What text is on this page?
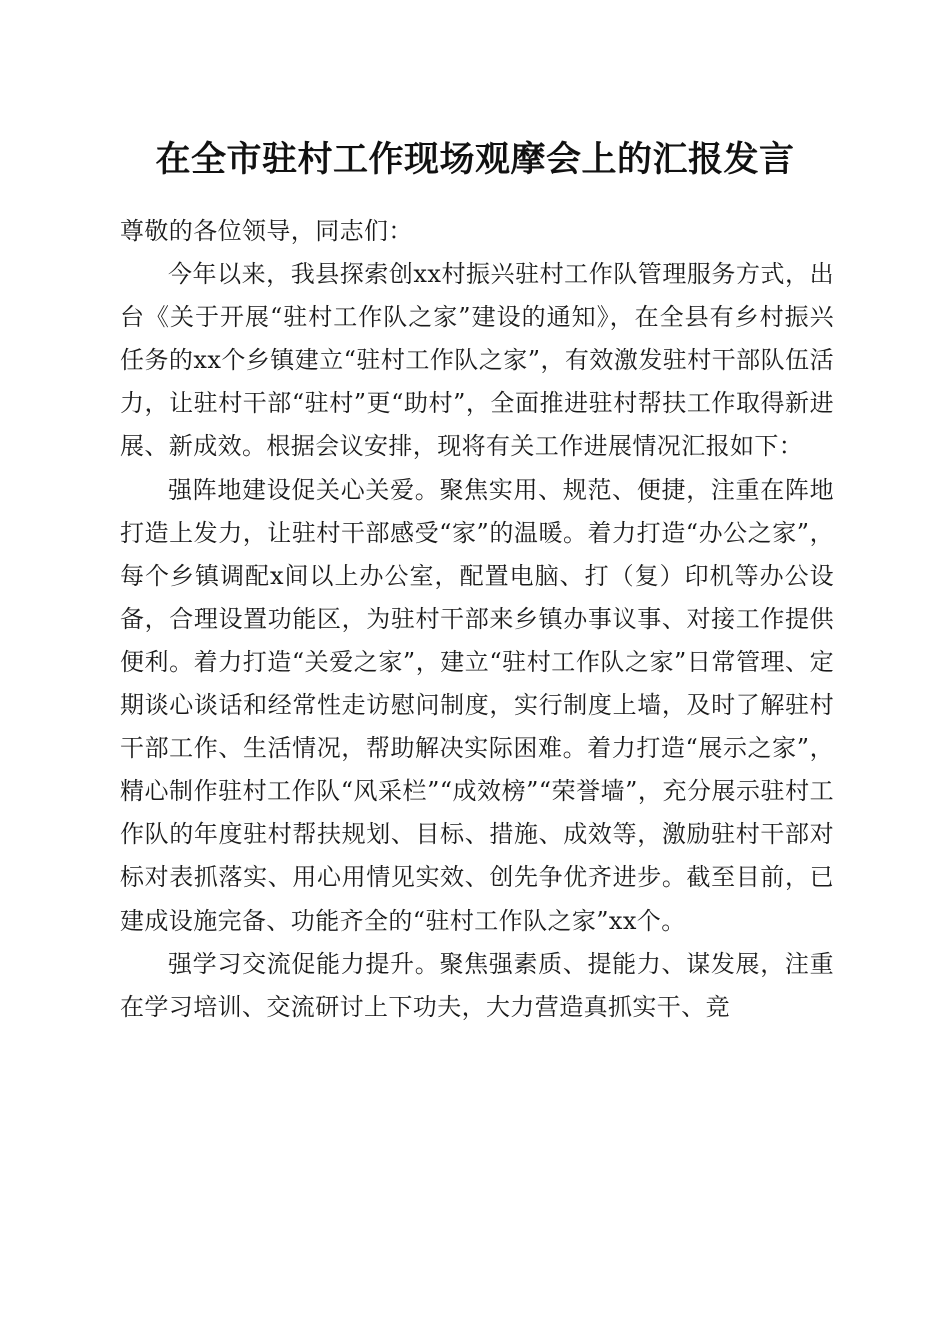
在全市驻村工作现场观摩会上的汇报发言

尊敬的各位领导，同志们：

今年以来，我县探索创xx村振兴驻村工作队管理服务方式，出台《关于开展“驻村工作队之家”建设的通知》，在全县有乡村振兴任务的xx个乡镇建立“驻村工作队之家”，有效激发驻村干部队伍活力，让驻村干部“驻村”更“助村”，全面推进驻村帮扶工作取得新进展、新成效。根据会议安排，现将有关工作进展情况汇报如下：

强阵地建设促关心关爱。聚焦实用、规范、便捷，注重在阵地打造上发力，让驻村干部感受“家”的温暖。着力打造“办公之家”，每个乡镇调配x间以上办公室，配置电脑、打（复）印机等办公设备，合理设置功能区，为驻村干部来乡镇办事议事、对接工作提供便利。着力打造“关爱之家”，建立“驻村工作队之家”日常管理、定期谈心谈话和经常性走访慰问制度，实行制度上墙，及时了解驻村干部工作、生活情况，帮助解决实际困难。着力打造“展示之家”，精心制作驻村工作队“风采栏”“成效榜”“荣誉墙”，充分展示驻村工作队的年度驻村帮扶规划、目标、措施、成效等，激励驻村干部对标对表抓落实、用心用情见实效、创先争优齐进步。截至目前，已建成设施完备、功能齐全的“驻村工作队之家”xx个。

强学习交流促能力提升。聚焦强素质、提能力、谋发展，注重在学习培训、交流研讨上下功夫，大力营造真抓实干、竞
